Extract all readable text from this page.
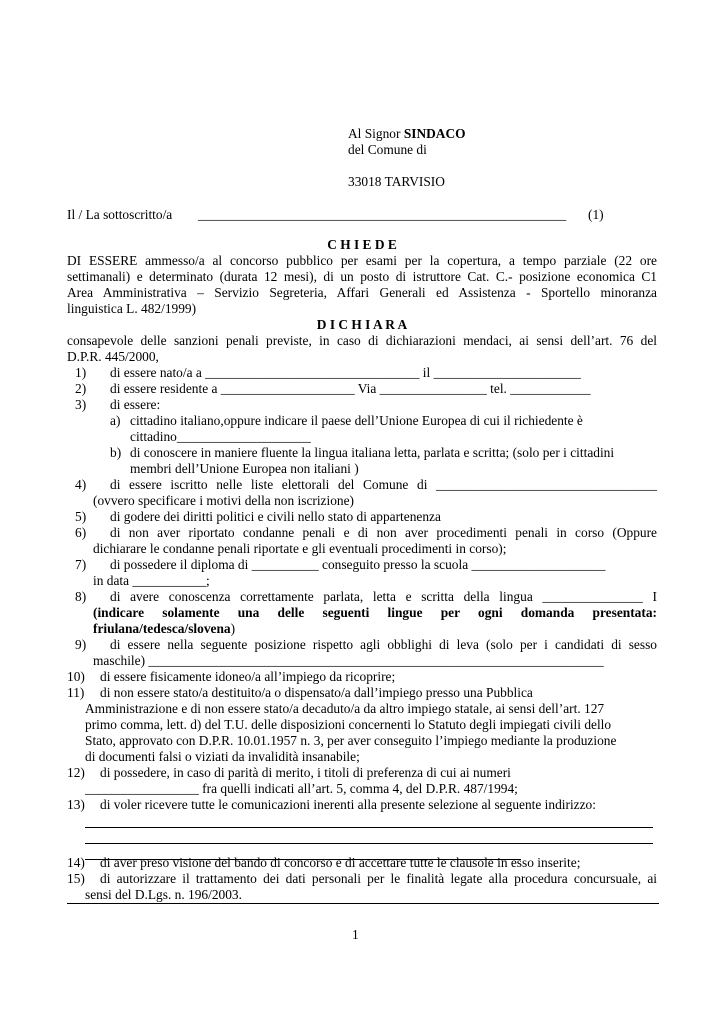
Al Signor SINDACO
del Comune di
33018 TARVISIO
Il / La sottoscritto/a _______________________________________________________ (1)
C H I E D E
DI ESSERE ammesso/a al concorso pubblico per esami per la copertura, a tempo parziale (22 ore
settimanali) e determinato (durata 12 mesi), di un posto di istruttore Cat. C.- posizione economica C1
Area Amministrativa – Servizio Segreteria, Affari Generali ed Assistenza - Sportello minoranza
linguistica L. 482/1999)
D I C H I A R A
consapevole delle sanzioni penali previste, in caso di dichiarazioni mendaci, ai sensi dell’art. 76 del
D.P.R. 445/2000,
1) di essere nato/a a ________________________________ il ______________________
2) di essere residente a ____________________ Via ________________ tel. ____________
3) di essere:
a) cittadino italiano,oppure indicare il paese dell’Unione Europea di cui il richiedente è
cittadino____________________
b) di conoscere in maniere fluente la lingua italiana letta, parlata e scritta; (solo per i cittadini
membri dell’Unione Europea non italiani )
4) di essere iscritto nelle liste elettorali del Comune di _________________________________
(ovvero specificare i motivi della non iscrizione)
5) di godere dei diritti politici e civili nello stato di appartenenza
6) di non aver riportato condanne penali e di non aver procedimenti penali in corso (Oppure
dichiarare le condanne penali riportate e gli eventuali procedimenti in corso);
7) di possedere il diploma di __________ conseguito presso la scuola ____________________
in data ___________;
8) di avere conoscenza correttamente parlata, letta e scritta della lingua _______________ I
(indicare solamente una delle seguenti lingue per ogni domanda presentata:
friulana/tedesca/slovena)
9) di essere nella seguente posizione rispetto agli obblighi di leva (solo per i candidati di sesso
maschile) ____________________________________________________________________
10) di essere fisicamente idoneo/a all’impiego da ricoprire;
11) di non essere stato/a destituito/a o dispensato/a dall’impiego presso una Pubblica
Amministrazione e di non essere stato/a decaduto/a da altro impiego statale, ai sensi dell’art. 127
primo comma, lett. d) del T.U. delle disposizioni concernenti lo Statuto degli impiegati civili dello
Stato, approvato con D.P.R. 10.01.1957 n. 3, per aver conseguito l’impiego mediante la produzione
di documenti falsi o viziati da invalidità insanabile;
12) di possedere, in caso di parità di merito, i titoli di preferenza di cui ai numeri
_________________ fra quelli indicati all’art. 5, comma 4, del D.P.R. 487/1994;
13) di voler ricevere tutte le comunicazioni inerenti alla presente selezione al seguente indirizzo:
14) di aver preso visione del bando di concorso e di accettare tutte le clausole in esso inserite;
15) di autorizzare il trattamento dei dati personali per le finalità legate alla procedura concursuale, ai
sensi del D.Lgs. n. 196/2003.
1
